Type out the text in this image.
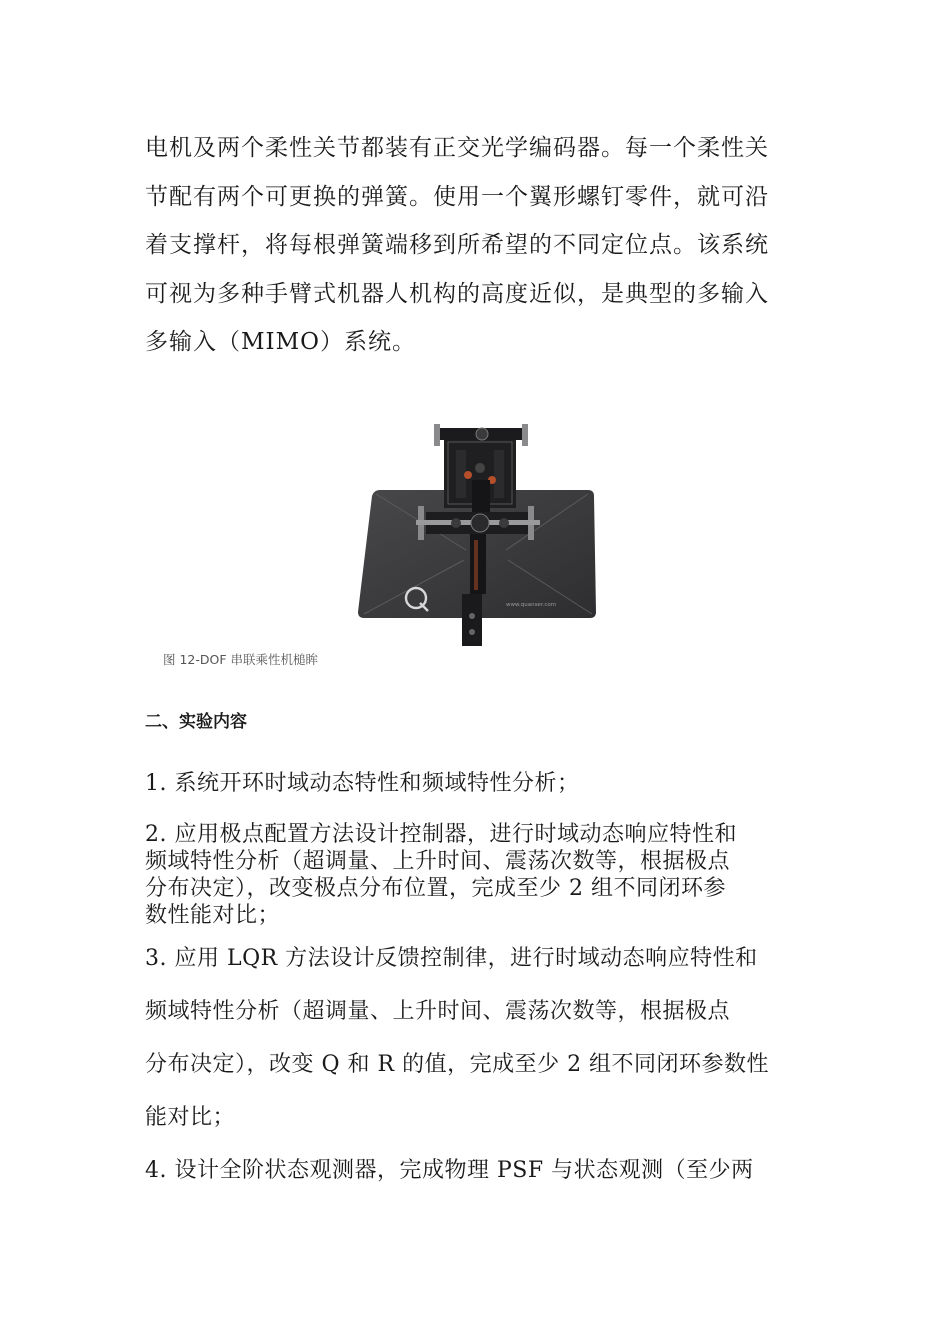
电机及两个柔性关节都装有正交光学编码器。每一个柔性关
节配有两个可更换的弹簧。使用一个翼形螺钉零件，就可沿
着支撑杆，将每根弹簧端移到所希望的不同定位点。该系统
可视为多种手臂式机器人机构的高度近似，是典型的多输入
多输入（MIMO）系统。
www.quanser.com
图 12-DOF 串联乘性机槌眸
二、实验内容
1. 系统开环时域动态特性和频域特性分析；
2. 应用极点配置方法设计控制器，进行时域动态响应特性和
频域特性分析（超调量、上升时间、震荡次数等，根据极点
分布决定），改变极点分布位置，完成至少 2 组不同闭环参
数性能对比；
3. 应用 LQR 方法设计反馈控制律，进行时域动态响应特性和
频域特性分析（超调量、上升时间、震荡次数等，根据极点
分布决定），改变 Q 和 R 的值，完成至少 2 组不同闭环参数性
能对比；
4. 设计全阶状态观测器，完成物理 PSF 与状态观测（至少两
